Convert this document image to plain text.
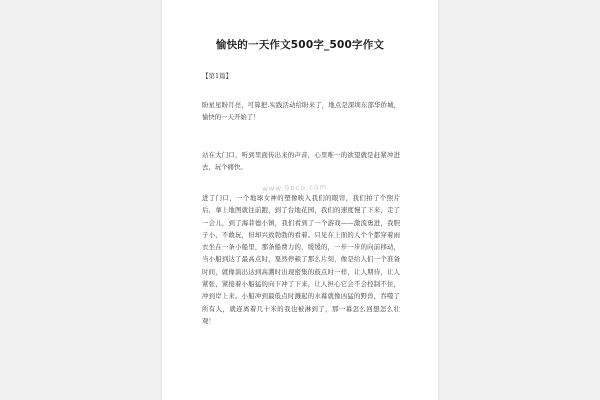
愉快的一天作文500字_500字作文
【第1篇】
盼星星盼月亮，可算把.实践活动给盼来了，地点是深圳东部华侨城，愉快的一天开始了！
站在大门口，听到里面传出来的声音，心里唯一的欲望就是赶紧冲进去，玩个痛快。
www.9bcu.com
进了门口，一个地球女神的塑像映入我们的眼帘，我们拍了个照片后，拿上地图就往前跑，到了台地花园，我们的速度慢了下来，走了一会儿，到了海菲德小镇，我们看到了一个游戏——激流勇进，我胆子小，不敢玩，但却兴致勃勃的看着。只见在上面的人个个都穿着雨衣坐在一条小船里，那条船费力的，缓缓的，一步一步的向前移动，当小船到达了最高点时，戛然停顿了那么片刻，像是给人们一个准备时间，就像演出达到高潮时出现密集的鼓点时一样，让人期待，让人紧张，紧接着小船猛的向下冲了下来，让人担心它会不会控制不住，冲到岸上来。小船冲到最低点时溅起的水幕就像凶猛的野兽，吞噬了所有人，就连离着几十米的我也被淋到了，那一幕怎么回想怎么壮观！
